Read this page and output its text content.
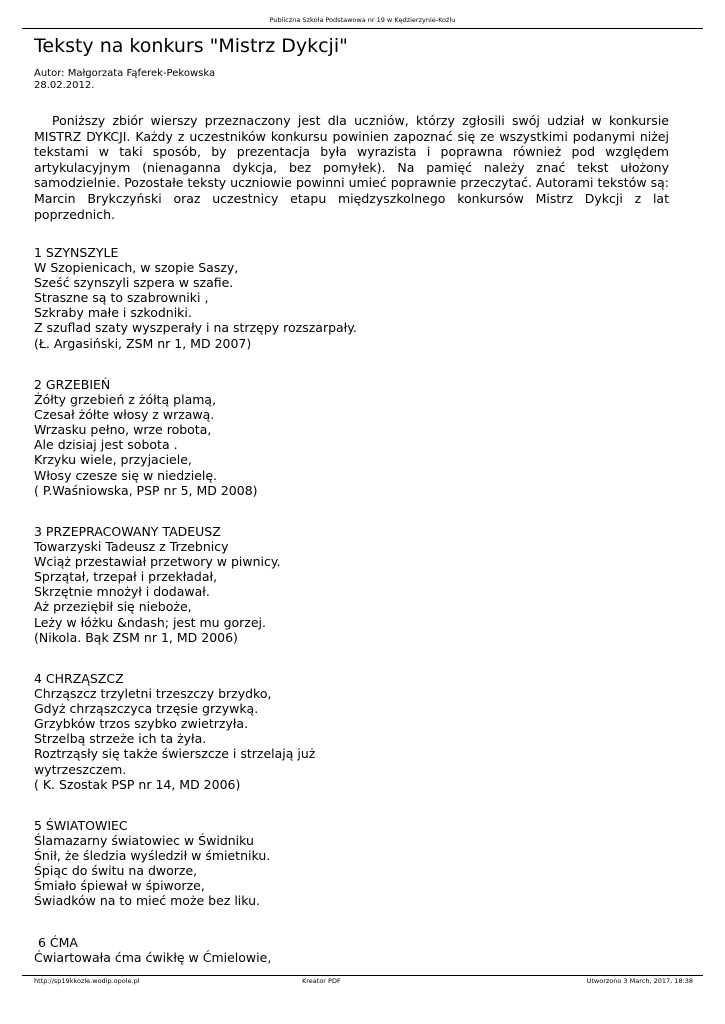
Publiczna Szkoła Podstawowa nr 19 w Kędzierzynie-Koźlu
Teksty na konkurs "Mistrz Dykcji"
Autor: Małgorzata Fąferek-Pekowska
28.02.2012.

Poniższy zbiór wierszy przeznaczony jest dla uczniów, którzy zgłosili swój udział w konkursie MISTRZ DYKCJI. Każdy z uczestników konkursu powinien zapoznać się ze wszystkimi podanymi niżej tekstami w taki sposób, by prezentacja była wyrazista i poprawna również pod względem artykulacyjnym (nienaganna dykcja, bez pomyłek). Na pamięć należy znać tekst ułożony samodzielnie. Pozostałe teksty uczniowie powinni umieć poprawnie przeczytać. Autorami tekstów są: Marcin Brykczyński oraz uczestnicy etapu międzyszkolnego konkursów Mistrz Dykcji z lat poprzednich.

1 SZYNSZYLE
W Szopienicach, w szopie Saszy,
Sześć szynszyli szpera w szafie.
Straszne są to szabrowniki ,
Szkraby małe i szkodniki.
Z szuflad szaty wyszperały i na strzępy rozszarpały.
(Ł. Argasiński, ZSM nr 1, MD 2007)
2 GRZEBIEŃ
Żółty grzebień z żółtą plamą,
Czesał żółte włosy z wrzawą.
Wrzasku pełno, wrze robota,
Ale dzisiaj jest sobota .
Krzyku wiele, przyjaciele,
Włosy czesze się w niedzielę.
( P.Waśniowska, PSP nr 5, MD 2008)
3 PRZEPRACOWANY TADEUSZ
Towarzyski Tadeusz z Trzebnicy
Wciąż przestawiał przetwory w piwnicy.
Sprzątał, trzepał i przekładał,
Skrzętnie mnożył i dodawał.
Aż przeziębił się nieboże,
Leży w łóżku &ndash; jest mu gorzej.
(Nikola. Bąk ZSM nr 1, MD 2006)
4 CHRZĄSZCZ
Chrząszcz trzyletni trzeszczy brzydko,
Gdyż chrząszczyca trzęsie grzywką.
Grzybków trzos szybko zwietrzyła.
Strzelbą strzeże ich ta żyła.
Roztrząsły się także świerszcze i strzelają już
wytrzeszczem.
( K. Szostak PSP nr 14, MD 2006)
5 ŚWIATOWIEC
Ślamazarny światowiec w Świdniku
Śnił, że śledzia wyśledził w śmietniku.
Śpiąc do świtu na dworze,
Śmiało śpiewał w śpiworze,
Świadków na to mieć może bez liku.
6 ĆMA
Ćwiartowała ćma ćwikłę w Ćmielowie,
http://sp19kkozle.wodip.opole.pl	Kreator PDF	Utworzono 3 March, 2017, 18:38
